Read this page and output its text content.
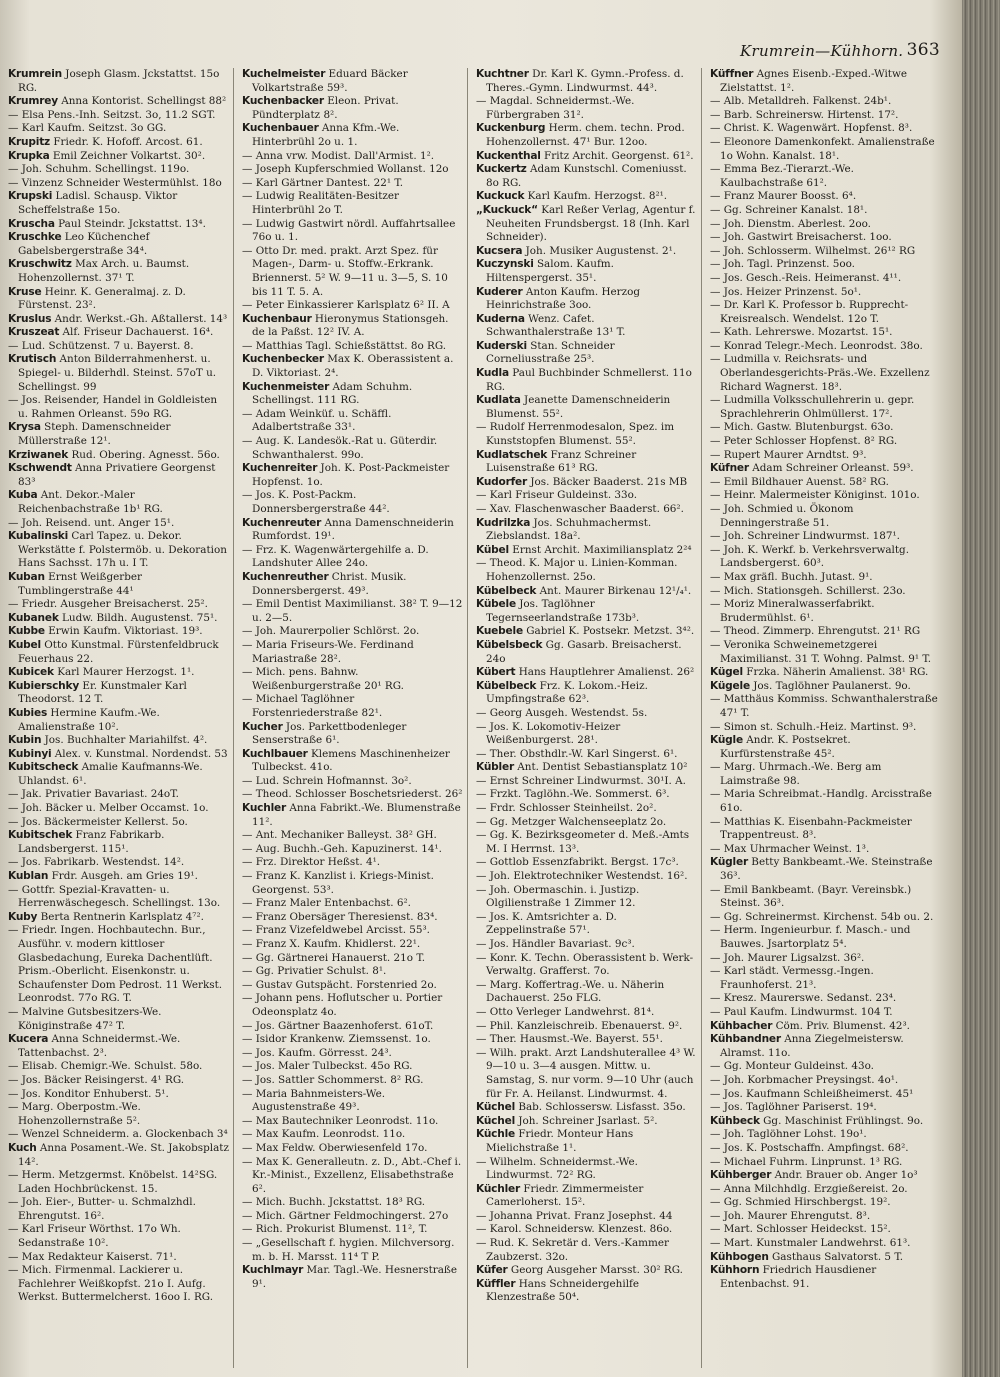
Krumrein—Kühhorn. 363

Krumrein Joseph Glasm. Jckstattst. 15o RG.

Krumrey Anna Kontorist. Schellingst 88²

— Elsa Pens.-Inh. Seitzst. 3o, 11.2 SGT.

— Karl Kaufm. Seitzst. 3o GG.

Krupitz Friedr. K. Hofoff. Arcost. 61.

Krupka Emil Zeichner Volkartst. 30².

— Joh. Schuhm. Schellingst. 119o.

— Vinzenz Schneider Westermühlst. 18o

Krupski Ladisl. Schausp. Viktor Scheffelstraße 15o.

Kruscha Paul Steindr. Jckstattst. 13⁴.

Kruschke Leo Küchenchef Gabelsbergerstraße 34⁴.

Kruschwitz Max Arch. u. Baumst. Hohenzollernst. 37¹ T.

Kruse Heinr. K. Generalmaj. z. D. Fürstenst. 23².

Kruslus Andr. Werkst.-Gh. Aßtallerst. 14³

Kruszeat Alf. Friseur Dachauerst. 16⁴.

— Lud. Schützenst. 7 u. Bayerst. 8.

Krutisch Anton Bilderrahmenherst. u. Spiegel- u. Bilderhdl. Steinst. 57oT u. Schellingst. 99

— Jos. Reisender, Handel in Goldleisten u. Rahmen Orleanst. 59o RG.

Krysa Steph. Damenschneider Müllerstraße 12¹.

Krziwanek Rud. Obering. Agnesst. 56o.

Kschwendt Anna Privatiere Georgenst 83³

Kuba Ant. Dekor.-Maler Reichenbachstraße 1b¹ RG.

— Joh. Reisend. unt. Anger 15¹.

Kubalinski Carl Tapez. u. Dekor. Werkstätte f. Polstermöb. u. Dekoration Hans Sachsst. 17h u. I T.

Kuban Ernst Weißgerber Tumblingerstraße 44¹

— Friedr. Ausgeher Breisacherst. 25².

Kubanek Ludw. Bildh. Augustenst. 75¹.

Kubbe Erwin Kaufm. Viktoriast. 19³.

Kubel Otto Kunstmal. Fürstenfeldbruck Feuerhaus 22.

Kubicek Karl Maurer Herzogst. 1¹.

Kubierschky Er. Kunstmaler Karl Theodorst. 12 T.

Kubies Hermine Kaufm.-We. Amalienstraße 10².

Kubin Jos. Buchhalter Mariahilfst. 4².

Kubinyi Alex. v. Kunstmal. Nordendst. 53

Kubitscheck Amalie Kaufmanns-We. Uhlandst. 6¹.

— Jak. Privatier Bavariast. 24oT.

— Joh. Bäcker u. Melber Occamst. 1o.

— Jos. Bäckermeister Kellerst. 5o.

Kubitschek Franz Fabrikarb. Landsbergerst. 115¹.

— Jos. Fabrikarb. Westendst. 14².

Kublan Frdr. Ausgeh. am Gries 19¹.

— Gottfr. Spezial-Kravatten- u. Herrenwäschegesch. Schellingst. 13o.

Kuby Berta Rentnerin Karlsplatz 4⁷².

— Friedr. Ingen. Hochbautechn. Bur., Ausführ. v. modern kittloser Glasbedachung, Eureka Dachentlüft. Prism.-Oberlicht. Eisenkonstr. u. Schaufenster Dom Pedrost. 11 Werkst. Leonrodst. 77o RG. T.

— Malvine Gutsbesitzers-We. Königinstraße 47² T.

Kucera Anna Schneidermst.-We. Tattenbachst. 2³.

— Elisab. Chemigr.-We. Schulst. 58o.

— Jos. Bäcker Reisingerst. 4¹ RG.

— Jos. Konditor Enhuberst. 5¹.

— Marg. Oberpostm.-We. Hohenzollernstraße 5².

— Wenzel Schneiderm. a. Glockenbach 3⁴

Kuch Anna Posament.-We. St. Jakobsplatz 14².

— Herm. Metzgermst. Knöbelst. 14²SG. Laden Hochbrückenst. 15.

— Joh. Eier-, Butter- u. Schmalzhdl. Ehrengutst. 16².

— Karl Friseur Wörthst. 17o Wh. Sedanstraße 10².

— Max Redakteur Kaiserst. 71¹.

— Mich. Firmenmal. Lackierer u. Fachlehrer Weißkopfst. 21o I. Aufg. Werkst. Buttermelcherst. 16oo I. RG.

Kuchelmeister Eduard Bäcker Volkartstraße 59³.

Kuchenbacker Eleon. Privat. Pündterplatz 8².

Kuchenbauer Anna Kfm.-We. Hinterbrühl 2o u. 1.

— Anna vrw. Modist. Dall'Armist. 1².

— Joseph Kupferschmied Wollanst. 12o

— Karl Gärtner Dantest. 22¹ T.

— Ludwig Realitäten-Besitzer Hinterbrühl 2o T.

— Ludwig Gastwirt nördl. Auffahrtsallee 76o u. 1.

— Otto Dr. med. prakt. Arzt Spez. für Magen-, Darm- u. Stoffw.-Erkrank. Briennerst. 5² W. 9—11 u. 3—5, S. 10 bis 11 T. 5. A.

— Peter Einkassierer Karlsplatz 6² II. A

Kuchenbaur Hieronymus Stationsgeh. de la Paßst. 12² IV. A.

— Matthias Tagl. Schießstättst. 8o RG.

Kuchenbecker Max K. Oberassistent a. D. Viktoriast. 2⁴.

Kuchenmeister Adam Schuhm. Schellingst. 111 RG.

— Adam Weinküf. u. Schäffl. Adalbertstraße 33¹.

— Aug. K. Landesök.-Rat u. Güterdir. Schwanthalerst. 99o.

Kuchenreiter Joh. K. Post-Packmeister Hopfenst. 1o.

— Jos. K. Post-Packm. Donnersbergerstraße 44².

Kuchenreuter Anna Damenschneiderin Rumfordst. 19¹.

— Frz. K. Wagenwärtergehilfe a. D. Landshuter Allee 24o.

Kuchenreuther Christ. Musik. Donnersbergerst. 49³.

— Emil Dentist Maximilianst. 38² T. 9—12 u. 2—5.

— Joh. Maurerpolier Schlörst. 2o.

— Maria Friseurs-We. Ferdinand Mariastraße 28².

— Mich. pens. Bahnw. Weißenburgerstraße 20¹ RG.

— Michael Taglöhner Forstenriederstraße 82¹.

Kucher Jos. Parkettbodenleger Senserstraße 6¹.

Kuchlbauer Klemens Maschinenheizer Tulbeckst. 41o.

— Lud. Schrein Hofmannst. 3o².

— Theod. Schlosser Boschetsriederst. 26²

Kuchler Anna Fabrikt.-We. Blumenstraße 11².

— Ant. Mechaniker Balleyst. 38² GH.

— Aug. Buchh.-Geh. Kapuzinerst. 14¹.

— Frz. Direktor Heßst. 4¹.

— Franz K. Kanzlist i. Kriegs-Minist. Georgenst. 53³.

— Franz Maler Entenbachst. 6².

— Franz Obersäger Theresienst. 83⁴.

— Franz Vizefeldwebel Arcisst. 55³.

— Franz X. Kaufm. Khidlerst. 22¹.

— Gg. Gärtnerei Hanauerst. 21o T.

— Gg. Privatier Schulst. 8¹.

— Gustav Gutspächt. Forstenried 2o.

— Johann pens. Hoflutscher u. Portier Odeonsplatz 4o.

— Jos. Gärtner Baazenhoferst. 61oT.

— Isidor Krankenw. Ziemssenst. 1o.

— Jos. Kaufm. Görresst. 24³.

— Jos. Maler Tulbeckst. 45o RG.

— Jos. Sattler Schommerst. 8² RG.

— Maria Bahnmeisters-We. Augustenstraße 49³.

— Max Bautechniker Leonrodst. 11o.

— Max Kaufm. Leonrodst. 11o.

— Max Feldw. Oberwiesenfeld 17o.

— Max K. Generalleutn. z. D., Abt.-Chef i. Kr.-Minist., Exzellenz, Elisabethstraße 6².

— Mich. Buchh. Jckstattst. 18³ RG.

— Mich. Gärtner Feldmochingerst. 27o

— Rich. Prokurist Blumenst. 11², T.

— „Gesellschaft f. hygien. Milchversorg. m. b. H. Marsst. 11⁴ T P.

Kuchlmayr Mar. Tagl.-We. Hesnerstraße 9¹.

Kuchtner Dr. Karl K. Gymn.-Profess. d. Theres.-Gymn. Lindwurmst. 44³.

— Magdal. Schneidermst.-We. Fürbergraben 31².

Kuckenburg Herm. chem. techn. Prod. Hohenzollernst. 47¹ Bur. 12oo.

Kuckenthal Fritz Archit. Georgenst. 61².

Kuckertz Adam Kunstschl. Comeniusst. 8o RG.

Kuckuck Karl Kaufm. Herzogst. 8²¹.

„Kuckuck“ Karl Reßer Verlag, Agentur f. Neuheiten Frundsbergst. 18 (Inh. Karl Schneider).

Kucsera Joh. Musiker Augustenst. 2¹.

Kuczynski Salom. Kaufm. Hiltenspergerst. 35¹.

Kuderer Anton Kaufm. Herzog Heinrichstraße 3oo.

Kuderna Wenz. Cafet. Schwanthalerstraße 13¹ T.

Kuderski Stan. Schneider Corneliusstraße 25³.

Kudla Paul Buchbinder Schmellerst. 11o RG.

Kudlata Jeanette Damenschneiderin Blumenst. 55².

— Rudolf Herrenmodesalon, Spez. im Kunststopfen Blumenst. 55².

Kudlatschek Franz Schreiner Luisenstraße 61³ RG.

Kudorfer Jos. Bäcker Baaderst. 21s MB

— Karl Friseur Guldeinst. 33o.

— Xav. Flaschenwascher Baaderst. 66².

Kudrilzka Jos. Schuhmachermst. Ziebslandst. 18a².

Kübel Ernst Archit. Maximiliansplatz 2²⁴

— Theod. K. Major u. Linien-Komman. Hohenzollernst. 25o.

Kübelbeck Ant. Maurer Birkenau 12¹/₄¹.

Kübele Jos. Taglöhner Tegernseerlandstraße 173b³.

Kuebele Gabriel K. Postsekr. Metzst. 3⁴².

Kübelsbeck Gg. Gasarb. Breisacherst. 24o

Kübert Hans Hauptlehrer Amalienst. 26²

Kübelbeck Frz. K. Lokom.-Heiz. Umpfingstraße 62³.

— Georg Ausgeh. Westendst. 5s.

— Jos. K. Lokomotiv-Heizer Weißenburgerst. 28¹.

— Ther. Obsthdlr.-W. Karl Singerst. 6¹.

Kübler Ant. Dentist Sebastiansplatz 10²

— Ernst Schreiner Lindwurmst. 30¹I. A.

— Frzkt. Taglöhn.-We. Sommerst. 6³.

— Frdr. Schlosser Steinheilst. 2o².

— Gg. Metzger Walchenseeplatz 2o.

— Gg. K. Bezirksgeometer d. Meß.-Amts M. I Herrnst. 13³.

— Gottlob Essenzfabrikt. Bergst. 17c³.

— Joh. Elektrotechniker Westendst. 16².

— Joh. Obermaschin. i. Justizp. Olgilienstraße 1 Zimmer 12.

— Jos. K. Amtsrichter a. D. Zeppelinstraße 57¹.

— Jos. Händler Bavariast. 9c³.

— Konr. K. Techn. Oberassistent b. Werk-Verwaltg. Grafferst. 7o.

— Marg. Koffertrag.-We. u. Näherin Dachauerst. 25o FLG.

— Otto Verleger Landwehrst. 81⁴.

— Phil. Kanzleischreib. Ebenauerst. 9².

— Ther. Hausmst.-We. Bayerst. 55¹.

— Wilh. prakt. Arzt Landshuterallee 4³ W. 9—10 u. 3—4 ausgen. Mittw. u. Samstag, S. nur vorm. 9—10 Uhr (auch für Fr. A. Heilanst. Lindwurmst. 4.

Küchel Bab. Schlossersw. Lisfasst. 35o.

Küchel Joh. Schreiner Jsarlast. 5².

Küchle Friedr. Monteur Hans Mielichstraße 1¹.

— Wilhelm. Schneidermst.-We. Lindwurmst. 72² RG.

Küchler Friedr. Zimmermeister Camerloherst. 15².

— Johanna Privat. Franz Josephst. 44

— Karol. Schneidersw. Klenzest. 86o.

— Rud. K. Sekretär d. Vers.-Kammer Zaubzerst. 32o.

Küfer Georg Ausgeher Marsst. 30² RG.

Küffler Hans Schneidergehilfe Klenzestraße 50⁴.

Küffner Agnes Eisenb.-Exped.-Witwe Zielstattst. 1².

— Alb. Metalldreh. Falkenst. 24b¹.

— Barb. Schreinersw. Hirtenst. 17².

— Christ. K. Wagenwärt. Hopfenst. 8³.

— Eleonore Damenkonfekt. Amalienstraße 1o Wohn. Kanalst. 18¹.

— Emma Bez.-Tierarzt.-We. Kaulbachstraße 61².

— Franz Maurer Boosst. 6⁴.

— Gg. Schreiner Kanalst. 18¹.

— Joh. Dienstm. Aberlest. 2oo.

— Joh. Gastwirt Breisacherst. 1oo.

— Joh. Schlosserm. Wilhelmst. 26¹² RG

— Joh. Tagl. Prinzenst. 5oo.

— Jos. Gesch.-Reis. Heimeranst. 4¹¹.

— Jos. Heizer Prinzenst. 5o¹.

— Dr. Karl K. Professor b. Rupprecht-Kreisrealsch. Wendelst. 12o T.

— Kath. Lehrerswe. Mozartst. 15¹.

— Konrad Telegr.-Mech. Leonrodst. 38o.

— Ludmilla v. Reichsrats- und Oberlandesgerichts-Präs.-We. Exzellenz Richard Wagnerst. 18³.

— Ludmilla Volksschullehrerin u. gepr. Sprachlehrerin Ohlmüllerst. 17².

— Mich. Gastw. Blutenburgst. 63o.

— Peter Schlosser Hopfenst. 8² RG.

— Rupert Maurer Arndtst. 9³.

Küfner Adam Schreiner Orleanst. 59³.

— Emil Bildhauer Auenst. 58² RG.

— Heinr. Malermeister Königinst. 101o.

— Joh. Schmied u. Ökonom Denningerstraße 51.

— Joh. Schreiner Lindwurmst. 187¹.

— Joh. K. Werkf. b. Verkehrsverwaltg. Landsbergerst. 60³.

— Max gräfl. Buchh. Jutast. 9¹.

— Mich. Stationsgeh. Schillerst. 23o.

— Moriz Mineralwasserfabrikt. Brudermühlst. 6¹.

— Theod. Zimmerp. Ehrengutst. 21¹ RG

— Veronika Schweinemetzgerei Maximilianst. 31 T. Wohng. Palmst. 9¹ T.

Kügel Frzka. Näherin Amalienst. 38¹ RG.

Kügele Jos. Taglöhner Paulanerst. 9o.

— Matthäus Kommiss. Schwanthalerstraße 47¹ T.

— Simon st. Schulh.-Heiz. Martinst. 9³.

Kügle Andr. K. Postsekret. Kurfürstenstraße 45².

— Marg. Uhrmach.-We. Berg am Laimstraße 98.

— Maria Schreibmat.-Handlg. Arcisstraße 61o.

— Matthias K. Eisenbahn-Packmeister Trappentreust. 8³.

— Max Uhrmacher Weinst. 1³.

Kügler Betty Bankbeamt.-We. Steinstraße 36³.

— Emil Bankbeamt. (Bayr. Vereinsbk.) Steinst. 36³.

— Gg. Schreinermst. Kirchenst. 54b ou. 2.

— Herm. Ingenieurbur. f. Masch.- und Bauwes. Jsartorplatz 5⁴.

— Joh. Maurer Ligsalzst. 36².

— Karl städt. Vermessg.-Ingen. Fraunhoferst. 21³.

— Kresz. Maurerswe. Sedanst. 23⁴.

— Paul Kaufm. Lindwurmst. 104 T.

Kühbacher Cöm. Priv. Blumenst. 42³.

Kühbandner Anna Ziegelmeistersw. Alramst. 11o.

— Gg. Monteur Guldeinst. 43o.

— Joh. Korbmacher Preysingst. 4o¹.

— Jos. Kaufmann Schleißheimerst. 45¹

— Jos. Taglöhner Pariserst. 19⁴.

Kühbeck Gg. Maschinist Frühlingst. 9o.

— Joh. Taglöhner Lohst. 19o¹.

— Jos. K. Postschaffn. Ampfingst. 68².

— Michael Fuhrm. Linprunst. 1³ RG.

Kühberger Andr. Brauer ob. Anger 1o³

— Anna Milchhdlg. Erzgießereist. 2o.

— Gg. Schmied Hirschbergst. 19².

— Joh. Maurer Ehrengutst. 8³.

— Mart. Schlosser Heideckst. 15².

— Mart. Kunstmaler Landwehrst. 61³.

Kühbogen Gasthaus Salvatorst. 5 T.

Kühhorn Friedrich Hausdiener Entenbachst. 91.
